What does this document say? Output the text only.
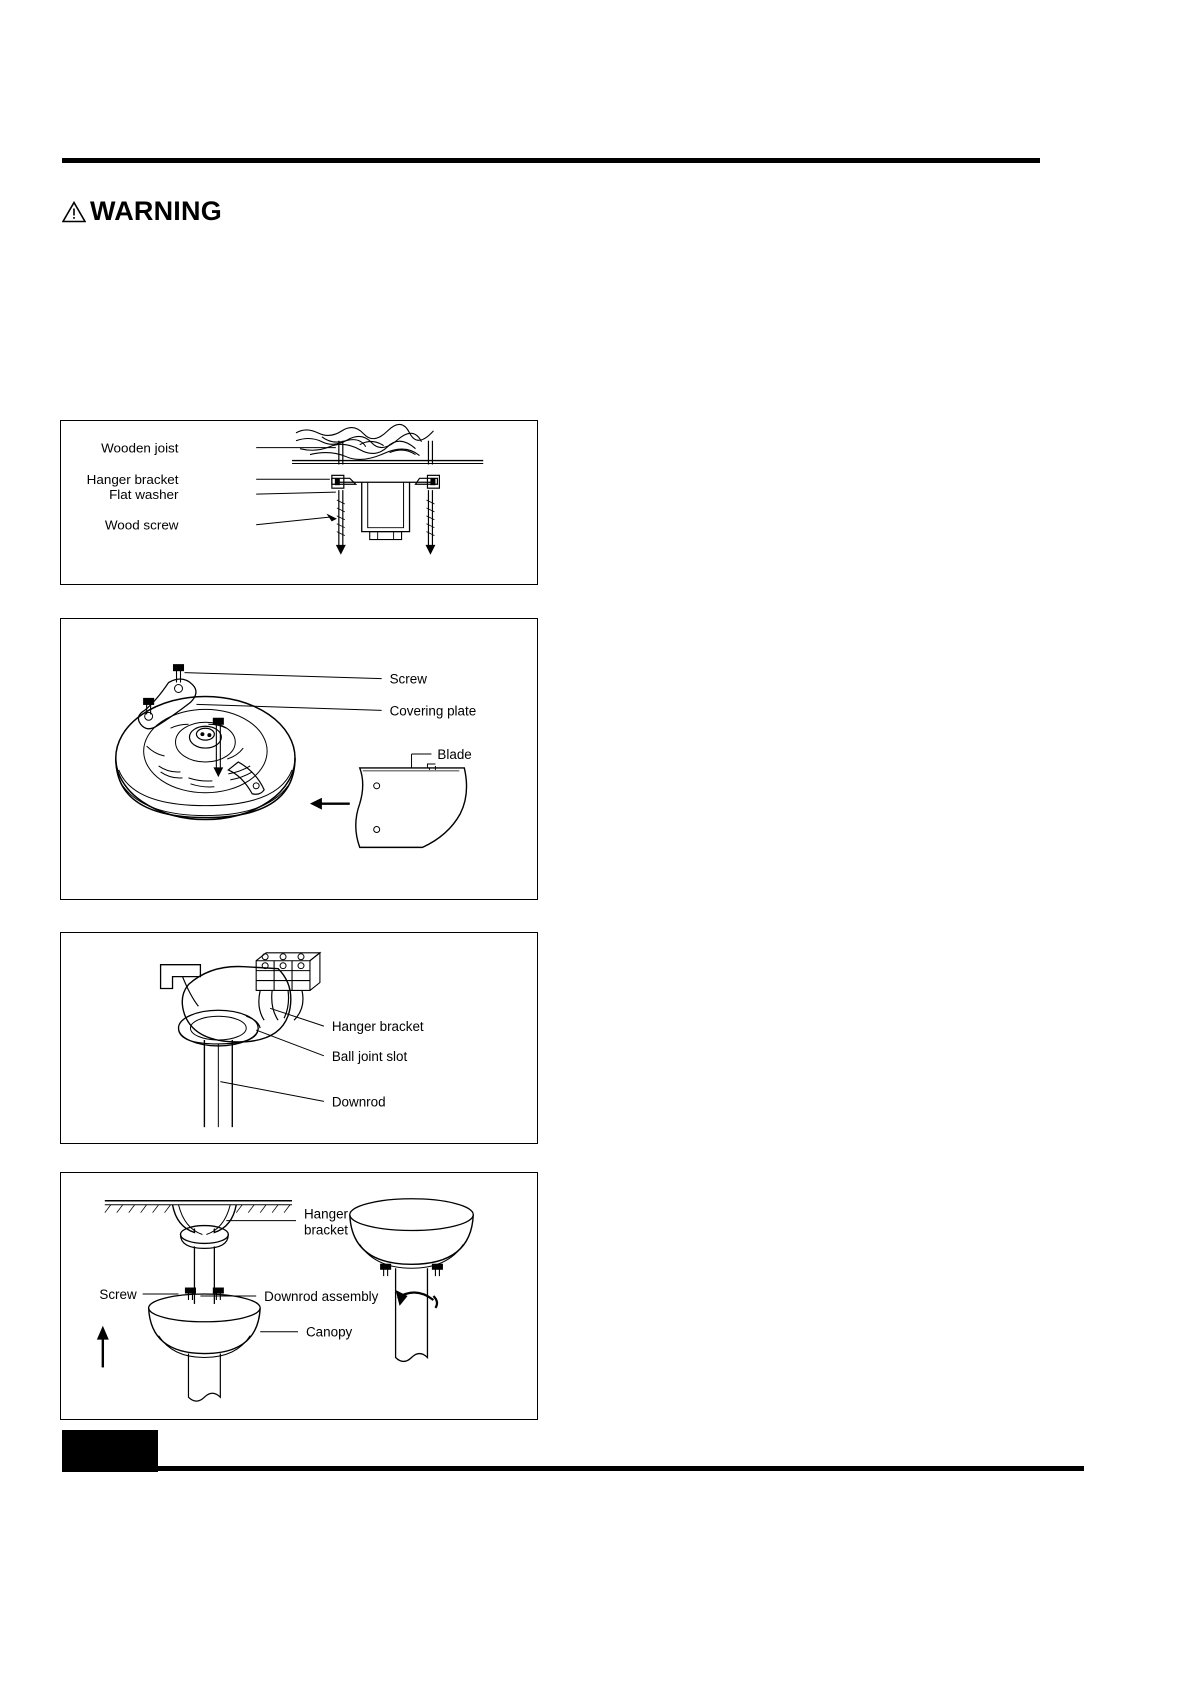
WARNING
Wooden joist
Hanger bracket
Flat washer
Wood screw
Screw
Covering plate
Blade
Hanger bracket
Ball joint slot
Downrod
Hanger
bracket
Screw	Downrod assembly
Canopy
